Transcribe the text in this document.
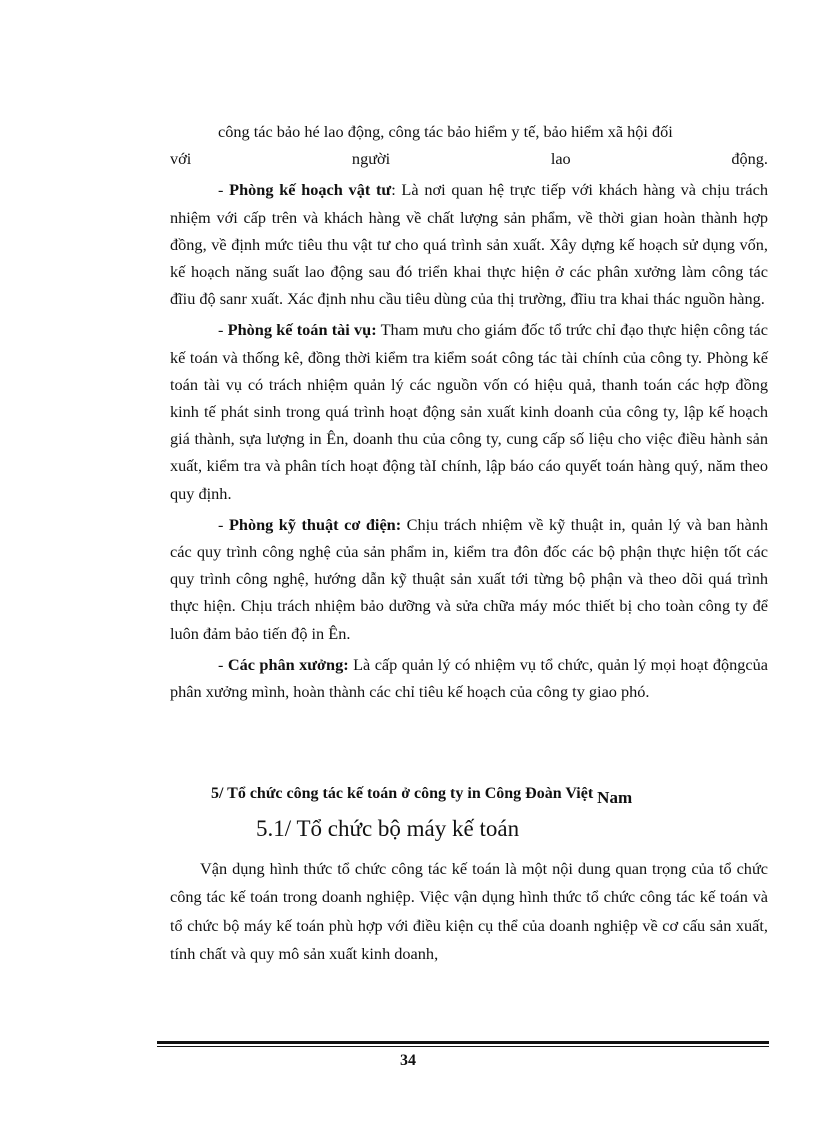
công tác bảo hé lao động, công tác bảo hiểm y tế, bảo hiểm xã hội đối
với	người	lao	động.

- Phòng kế hoạch vật tư: Là nơi quan hệ trực tiếp với khách hàng và chịu trách nhiệm với cấp trên và khách hàng về chất lượng sản phẩm, về thời gian hoàn thành hợp đồng, về định mức tiêu thu vật tư cho quá trình sản xuất. Xây dựng kế hoạch sử dụng vốn, kế hoạch năng suất lao động sau đó triển khai thực hiện ở các phân xưởng làm công tác đĩiu độ sanr xuất. Xác định nhu cầu tiêu dùng của thị trường, đĩiu tra khai thác nguồn hàng.

- Phòng kế toán tài vụ: Tham mưu cho giám đốc tổ trức chỉ đạo thực hiện công tác kế toán và thống kê, đồng thời kiểm tra kiểm soát công tác tài chính của công ty. Phòng kế toán tài vụ có trách nhiệm quản lý các nguồn vốn có hiệu quả, thanh toán các hợp đồng kinh tế phát sinh trong quá trình hoạt động sản xuất kinh doanh của công ty, lập kế hoạch giá thành, sựa lượng in Ên, doanh thu của công ty, cung cấp số liệu cho việc điều hành sản xuất, kiểm tra và phân tích hoạt động tàI chính, lập báo cáo quyết toán hàng quý, năm theo quy định.

- Phòng kỹ thuật cơ điện: Chịu trách nhiệm về kỹ thuật in, quản lý và ban hành các quy trình công nghệ của sản phẩm in, kiểm tra đôn đốc các bộ phận thực hiện tốt các quy trình công nghệ, hướng dẫn kỹ thuật sản xuất tới từng bộ phận và theo dõi quá trình thực hiện. Chịu trách nhiệm bảo dưỡng và sửa chữa máy móc thiết bị cho toàn công ty để luôn đảm bảo tiến độ in Ên.

- Các phân xưởng: Là cấp quản lý có nhiệm vụ tổ chức, quản lý mọi hoạt độngcủa phân xưởng mình, hoàn thành các chỉ tiêu kế hoạch của công ty giao phó.

5/ Tổ chức công tác kế toán ở công ty in Công Đoàn Việt Nam
5.1/ Tổ chức bộ máy kế toán

Vận dụng hình thức tổ chức công tác kế toán là một nội dung quan trọng của tổ chức công tác kế toán trong doanh nghiệp. Việc vận dụng hình thức tổ chức công tác kế toán và tổ chức bộ máy kế toán phù hợp với điều kiện cụ thể của doanh nghiệp về cơ cấu sản xuất, tính chất và quy mô sản xuất kinh doanh,

34
